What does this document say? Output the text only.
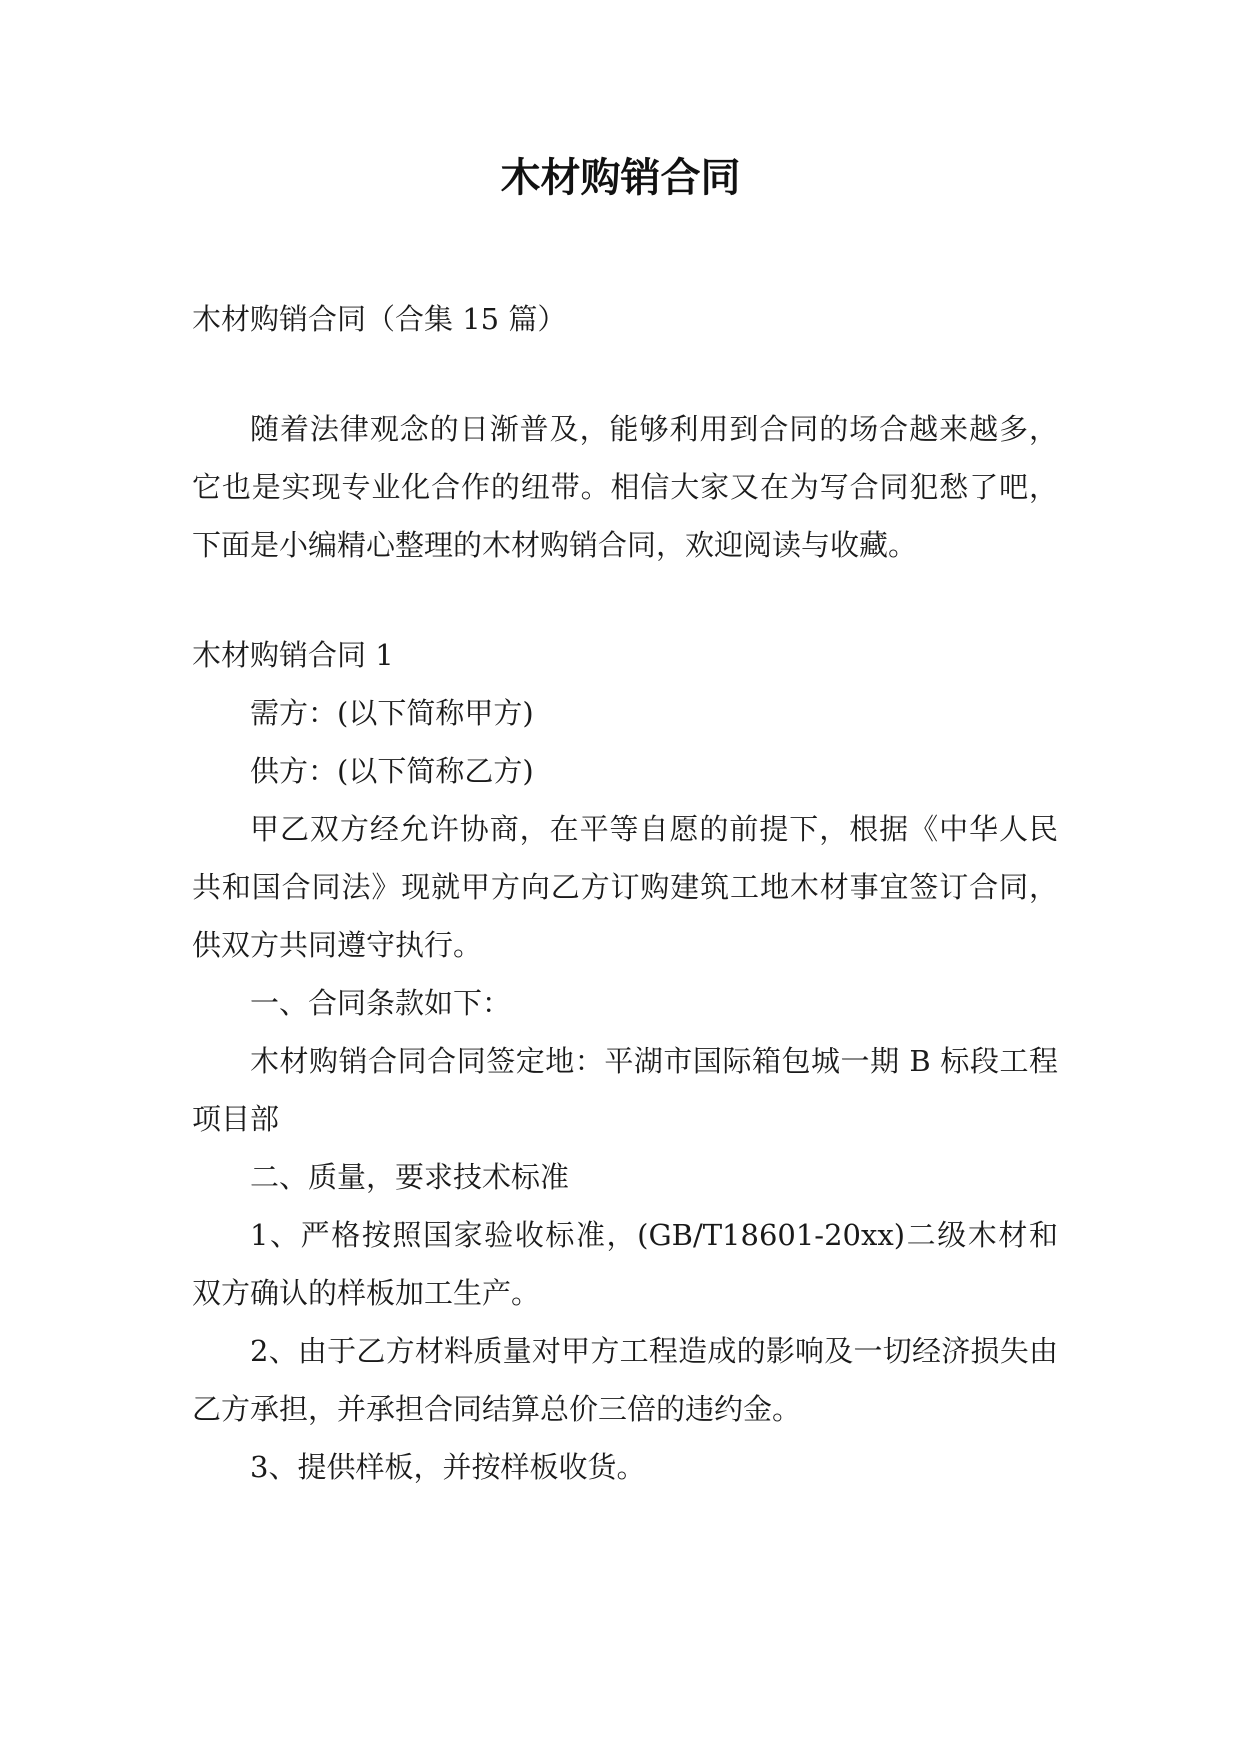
木材购销合同

木材购销合同（合集 15 篇）

随着法律观念的日渐普及，能够利用到合同的场合越来越多，它也是实现专业化合作的纽带。相信大家又在为写合同犯愁了吧，下面是小编精心整理的木材购销合同，欢迎阅读与收藏。

木材购销合同 1

需方：(以下简称甲方)

供方：(以下简称乙方)

甲乙双方经允许协商，在平等自愿的前提下，根据《中华人民共和国合同法》现就甲方向乙方订购建筑工地木材事宜签订合同，供双方共同遵守执行。

一、合同条款如下：

木材购销合同合同签定地：平湖市国际箱包城一期 B 标段工程项目部

二、质量，要求技术标准

1、严格按照国家验收标准，(GB/T18601-20xx)二级木材和双方确认的样板加工生产。

2、由于乙方材料质量对甲方工程造成的影响及一切经济损失由乙方承担，并承担合同结算总价三倍的违约金。

3、提供样板，并按样板收货。
